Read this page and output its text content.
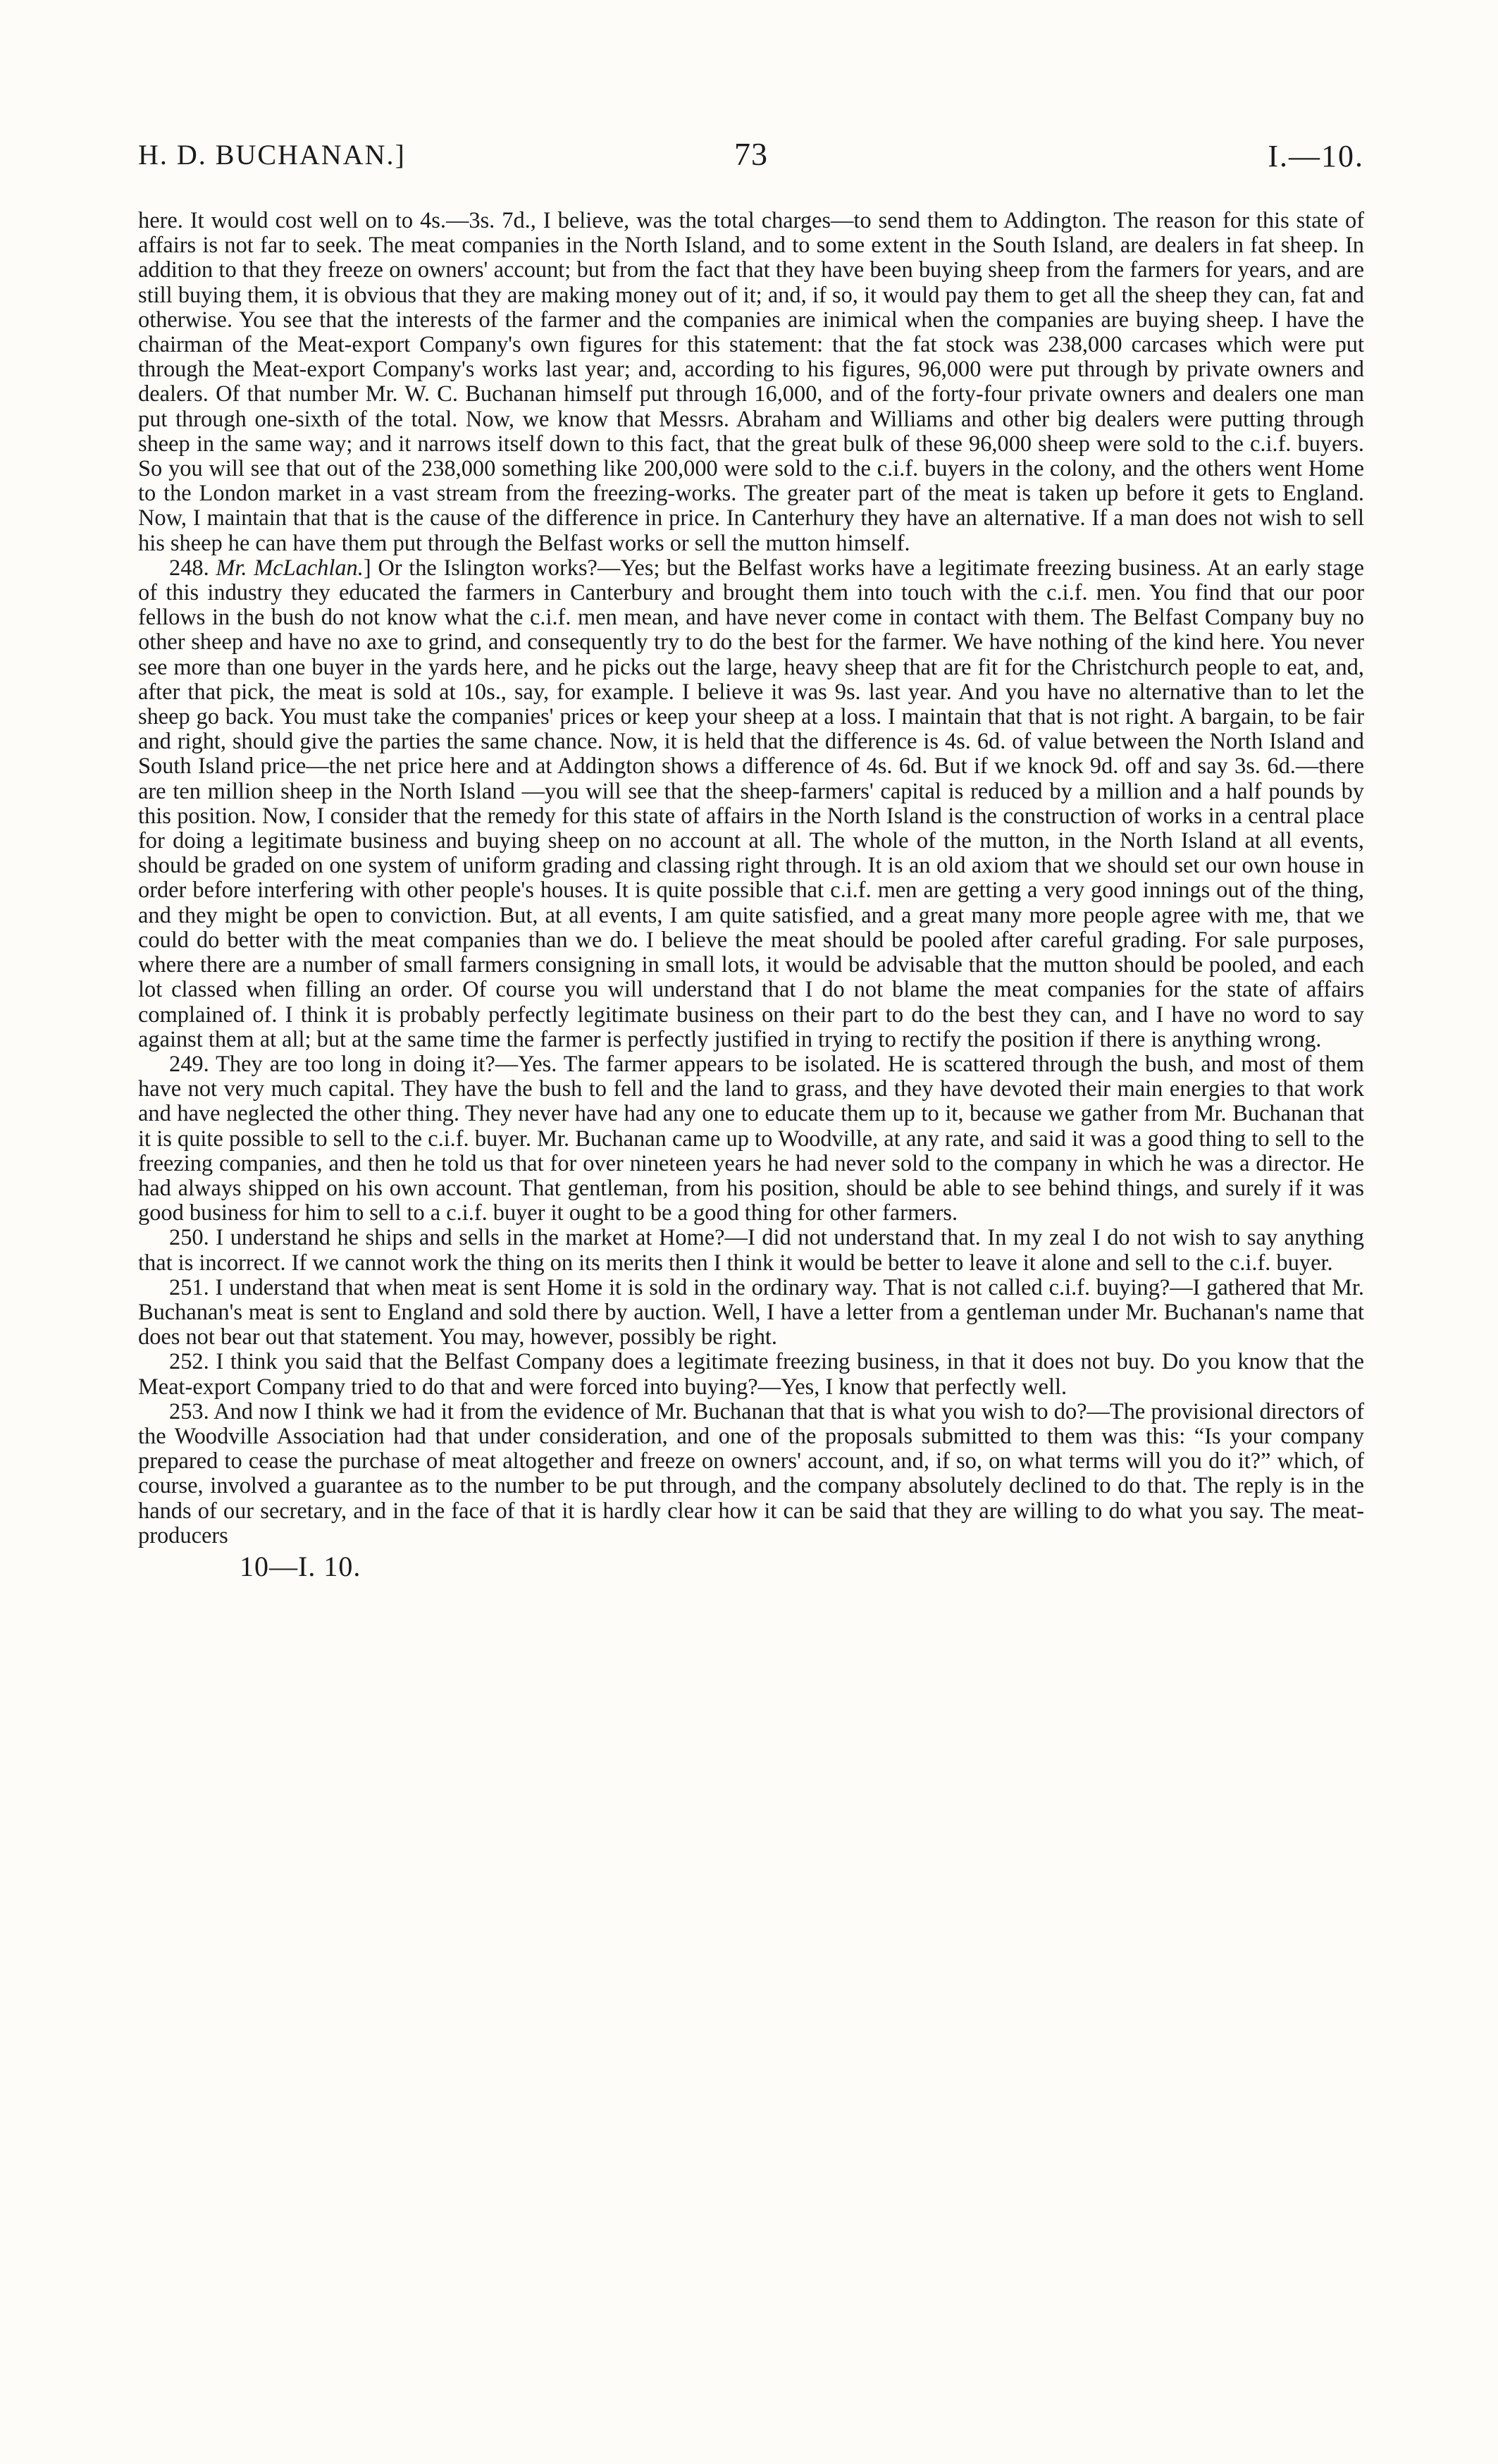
H. D. BUCHANAN.]	73	I.—10.

here. It would cost well on to 4s.—3s. 7d., I believe, was the total charges—to send them to Addington. The reason for this state of affairs is not far to seek. The meat companies in the North Island, and to some extent in the South Island, are dealers in fat sheep. In addition to that they freeze on owners' account; but from the fact that they have been buying sheep from the farmers for years, and are still buying them, it is obvious that they are making money out of it; and, if so, it would pay them to get all the sheep they can, fat and otherwise. You see that the interests of the farmer and the companies are inimical when the companies are buying sheep. I have the chairman of the Meat-export Company's own figures for this statement: that the fat stock was 238,000 carcases which were put through the Meat-export Company's works last year; and, according to his figures, 96,000 were put through by private owners and dealers. Of that number Mr. W. C. Buchanan himself put through 16,000, and of the forty-four private owners and dealers one man put through one-sixth of the total. Now, we know that Messrs. Abraham and Williams and other big dealers were putting through sheep in the same way; and it narrows itself down to this fact, that the great bulk of these 96,000 sheep were sold to the c.i.f. buyers. So you will see that out of the 238,000 something like 200,000 were sold to the c.i.f. buyers in the colony, and the others went Home to the London market in a vast stream from the freezing-works. The greater part of the meat is taken up before it gets to England. Now, I maintain that that is the cause of the difference in price. In Canterhury they have an alternative. If a man does not wish to sell his sheep he can have them put through the Belfast works or sell the mutton himself.

248. Mr. McLachlan.] Or the Islington works?—Yes; but the Belfast works have a legitimate freezing business. At an early stage of this industry they educated the farmers in Canterbury and brought them into touch with the c.i.f. men. You find that our poor fellows in the bush do not know what the c.i.f. men mean, and have never come in contact with them. The Belfast Company buy no other sheep and have no axe to grind, and consequently try to do the best for the farmer. We have nothing of the kind here. You never see more than one buyer in the yards here, and he picks out the large, heavy sheep that are fit for the Christchurch people to eat, and, after that pick, the meat is sold at 10s., say, for example. I believe it was 9s. last year. And you have no alternative than to let the sheep go back. You must take the companies' prices or keep your sheep at a loss. I maintain that that is not right. A bargain, to be fair and right, should give the parties the same chance. Now, it is held that the difference is 4s. 6d. of value between the North Island and South Island price—the net price here and at Addington shows a difference of 4s. 6d. But if we knock 9d. off and say 3s. 6d.—there are ten million sheep in the North Island —you will see that the sheep-farmers' capital is reduced by a million and a half pounds by this position. Now, I consider that the remedy for this state of affairs in the North Island is the construction of works in a central place for doing a legitimate business and buying sheep on no account at all. The whole of the mutton, in the North Island at all events, should be graded on one system of uniform grading and classing right through. It is an old axiom that we should set our own house in order before interfering with other people's houses. It is quite possible that c.i.f. men are getting a very good innings out of the thing, and they might be open to conviction. But, at all events, I am quite satisfied, and a great many more people agree with me, that we could do better with the meat companies than we do. I believe the meat should be pooled after careful grading. For sale purposes, where there are a number of small farmers consigning in small lots, it would be advisable that the mutton should be pooled, and each lot classed when filling an order. Of course you will understand that I do not blame the meat companies for the state of affairs complained of. I think it is probably perfectly legitimate business on their part to do the best they can, and I have no word to say against them at all; but at the same time the farmer is perfectly justified in trying to rectify the position if there is anything wrong.

249. They are too long in doing it?—Yes. The farmer appears to be isolated. He is scattered through the bush, and most of them have not very much capital. They have the bush to fell and the land to grass, and they have devoted their main energies to that work and have neglected the other thing. They never have had any one to educate them up to it, because we gather from Mr. Buchanan that it is quite possible to sell to the c.i.f. buyer. Mr. Buchanan came up to Woodville, at any rate, and said it was a good thing to sell to the freezing companies, and then he told us that for over nineteen years he had never sold to the company in which he was a director. He had always shipped on his own account. That gentleman, from his position, should be able to see behind things, and surely if it was good business for him to sell to a c.i.f. buyer it ought to be a good thing for other farmers.

250. I understand he ships and sells in the market at Home?—I did not understand that. In my zeal I do not wish to say anything that is incorrect. If we cannot work the thing on its merits then I think it would be better to leave it alone and sell to the c.i.f. buyer.

251. I understand that when meat is sent Home it is sold in the ordinary way. That is not called c.i.f. buying?—I gathered that Mr. Buchanan's meat is sent to England and sold there by auction. Well, I have a letter from a gentleman under Mr. Buchanan's name that does not bear out that statement. You may, however, possibly be right.

252. I think you said that the Belfast Company does a legitimate freezing business, in that it does not buy. Do you know that the Meat-export Company tried to do that and were forced into buying?—Yes, I know that perfectly well.

253. And now I think we had it from the evidence of Mr. Buchanan that that is what you wish to do?—The provisional directors of the Woodville Association had that under consideration, and one of the proposals submitted to them was this: “Is your company prepared to cease the purchase of meat altogether and freeze on owners' account, and, if so, on what terms will you do it?” which, of course, involved a guarantee as to the number to be put through, and the company absolutely declined to do that. The reply is in the hands of our secretary, and in the face of that it is hardly clear how it can be said that they are willing to do what you say. The meat-producers

10—I. 10.
